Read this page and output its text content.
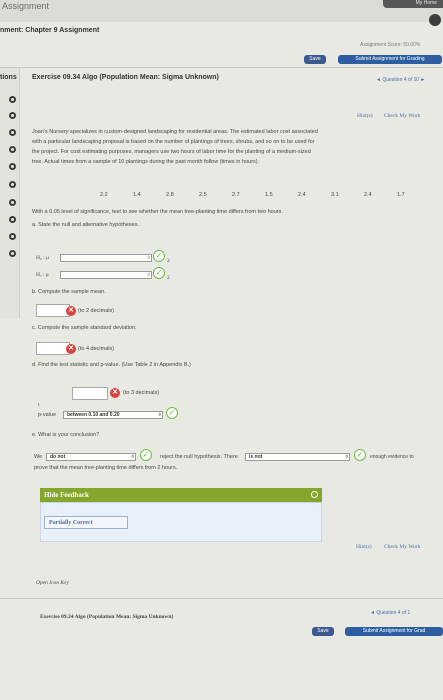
Assignment	My Home
nment: Chapter 9 Assignment
Assignment Score: 50.00%
Save	Submit Assignment for Grading
tions Exercise 09.34 Algo (Population Mean: Sigma Unknown)	◄ Question 4 of 10 ►
Hint(s) Check My Work
Joan's Nursery specializes in custom-designed landscaping for residential areas. The estimated labor cost associated
with a particular landscaping proposal is based on the number of plantings of trees, shrubs, and so on to be used for
the project. For cost estimating purposes, managers use two hours of labor time for the planting of a medium-sized
tree. Actual times from a sample of 10 plantings during the past month follow (times in hours).
2.2	1.4	2.8	2.5	2.7	1.5	2.4	3.1	2.4	1.7
With a 0.05 level of significance, test to see whether the mean tree-planting time differs from two hours.
a. State the null and alternative hypotheses.
H₀ : μ ◊	✓
2
Hₐ : μ ◊	✓
2
b. Compute the sample mean.
✕ (to 2 decimals)
c. Compute the sample standard deviation.
✕ (to 4 decimals)
d. Find the test statistic and p-value. (Use Table 2 in Appendix B.)
✕ (to 3 decimals)
t
p-value	between 0.10 and 0.20 ◊	✓
e. What is your conclusion?
We	do not ◊	✓	reject the null hypothesis. There	is not ◊	✓	enough evidence to
prove that the mean tree-planting time differs from 2 hours.
Hide Feedback
Partially Correct
Hint(s) Check My Work
Open Icon Key
Exercise 09.34 Algo (Population Mean: Sigma Unknown)
◄ Question 4 of 1
Save	Submit Assignment for Grad
